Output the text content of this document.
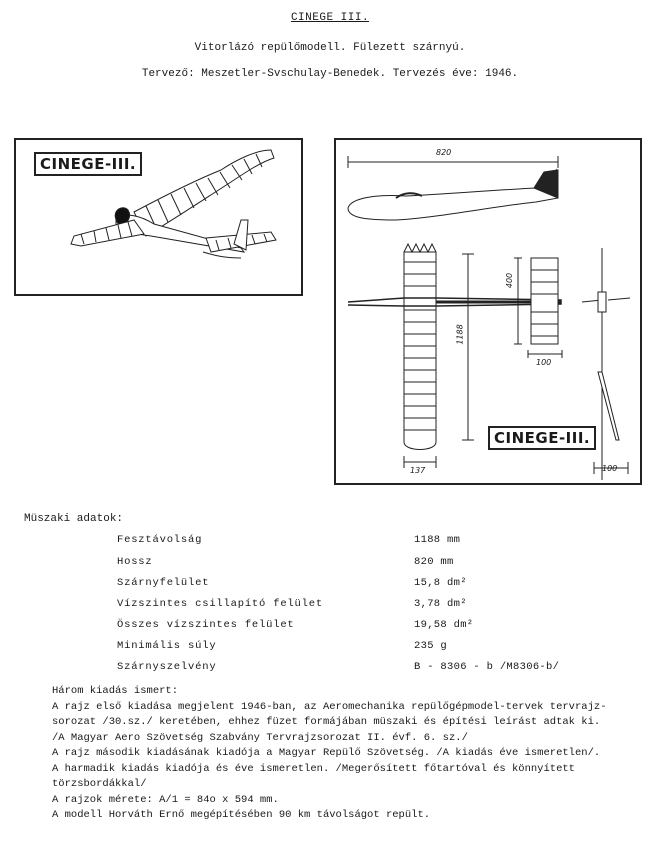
CINEGE III.
Vitorlázó repülőmodell. Fülezett szárnyú.
Tervező: Meszetler-Svschulay-Benedek. Tervezés éve: 1946.
CINEGE-III.
820
1188
400
100
137	100
CINEGE-III.
Müszaki adatok:
Fesztávolság	1188 mm
Hossz	820 mm
Szárnyfelület	15,8 dm²
Vízszintes csillapító felület	3,78 dm²
Összes vízszintes felület	19,58 dm²
Minimális súly	235 g
Szárnyszelvény	B - 8306 - b /M8306-b/
Három kiadás ismert:
A rajz első kiadása megjelent 1946-ban, az Aeromechanika repülőgépmodel-tervek tervrajz-
sorozat /30.sz./ keretében, ehhez füzet formájában müszaki és építési leírást adtak ki.
/A Magyar Aero Szövetség Szabvány Tervrajzsorozat II. évf. 6. sz./
A rajz második kiadásának kiadója a Magyar Repülő Szövetség. /A kiadás éve ismeretlen/.
A harmadik kiadás kiadója és éve ismeretlen. /Megerősített főtartóval és könnyített
törzsbordákkal/
A rajzok mérete: A/1 = 84o x 594 mm.
A modell Horváth Ernő megépítésében 90 km távolságot repült.
